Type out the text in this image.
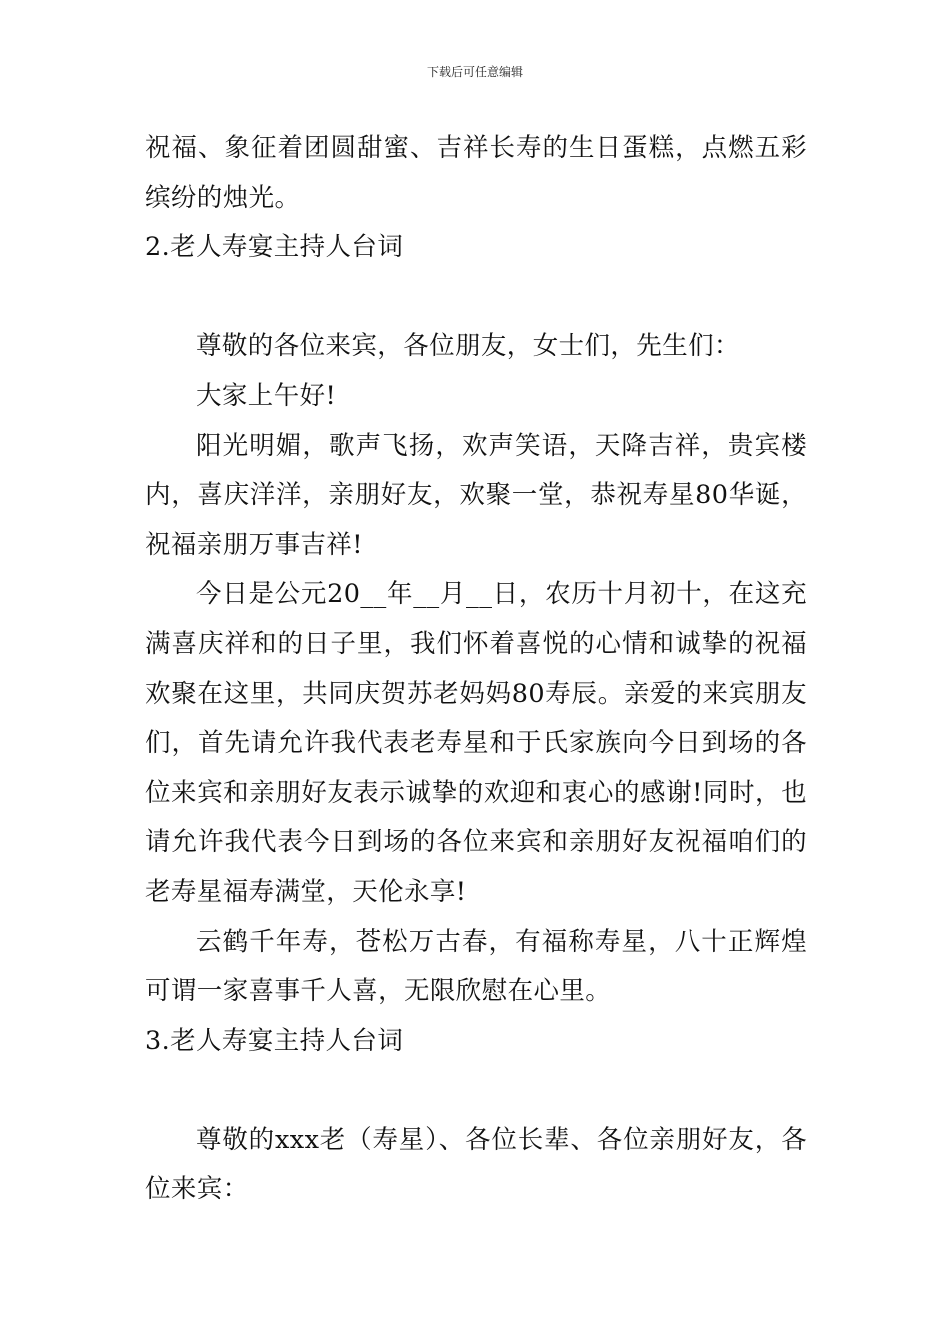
下载后可任意编辑

祝福、象征着团圆甜蜜、吉祥长寿的生日蛋糕，点燃五彩缤纷的烛光。

2.老人寿宴主持人台词

尊敬的各位来宾，各位朋友，女士们，先生们：

大家上午好!

阳光明媚，歌声飞扬，欢声笑语，天降吉祥，贵宾楼内，喜庆洋洋，亲朋好友，欢聚一堂，恭祝寿星80华诞，祝福亲朋万事吉祥!

今日是公元20__年__月__日，农历十月初十，在这充满喜庆祥和的日子里，我们怀着喜悦的心情和诚挚的祝福欢聚在这里，共同庆贺苏老妈妈80寿辰。亲爱的来宾朋友们，首先请允许我代表老寿星和于氏家族向今日到场的各位来宾和亲朋好友表示诚挚的欢迎和衷心的感谢!同时，也请允许我代表今日到场的各位来宾和亲朋好友祝福咱们的老寿星福寿满堂，天伦永享!

云鹤千年寿，苍松万古春，有福称寿星，八十正辉煌可谓一家喜事千人喜，无限欣慰在心里。

3.老人寿宴主持人台词

尊敬的xxx老（寿星）、各位长辈、各位亲朋好友，各位来宾：
